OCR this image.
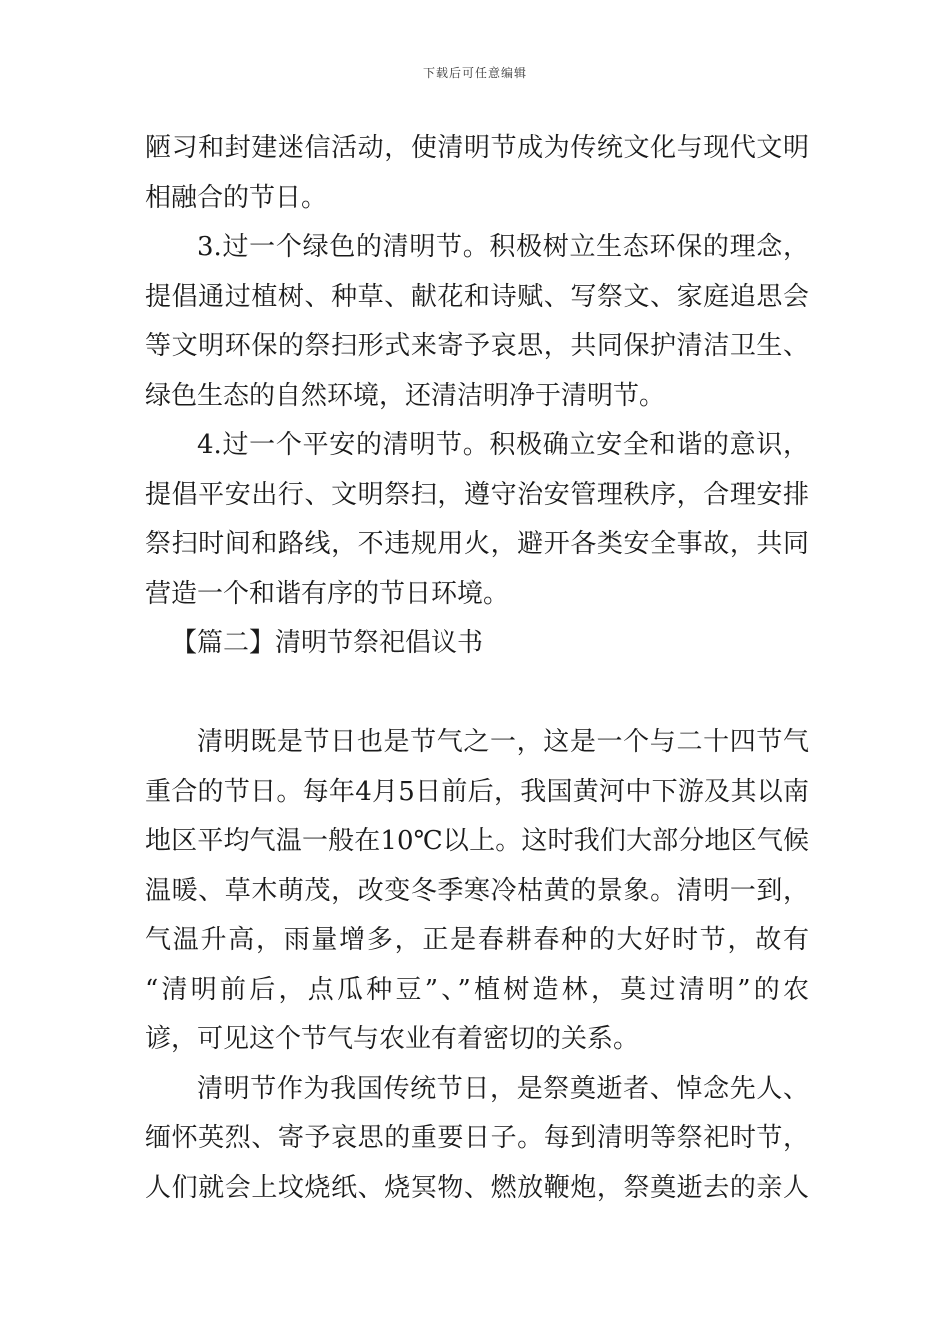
下载后可任意编辑
陋习和封建迷信活动，使清明节成为传统文化与现代文明
相融合的节日。
3.过一个绿色的清明节。积极树立生态环保的理念，
提倡通过植树、种草、献花和诗赋、写祭文、家庭追思会
等文明环保的祭扫形式来寄予哀思，共同保护清洁卫生、
绿色生态的自然环境，还清洁明净于清明节。
4.过一个平安的清明节。积极确立安全和谐的意识，
提倡平安出行、文明祭扫，遵守治安管理秩序，合理安排
祭扫时间和路线，不违规用火，避开各类安全事故，共同
营造一个和谐有序的节日环境。
【篇二】清明节祭祀倡议书
清明既是节日也是节气之一，这是一个与二十四节气
重合的节日。每年4月5日前后，我国黄河中下游及其以南
地区平均气温一般在10℃以上。这时我们大部分地区气候
温暖、草木萌茂，改变冬季寒冷枯黄的景象。清明一到，
气温升高，雨量增多，正是春耕春种的大好时节，故有
“清明前后，点瓜种豆”、”植树造林，莫过清明”的农
谚，可见这个节气与农业有着密切的关系。
清明节作为我国传统节日，是祭奠逝者、悼念先人、
缅怀英烈、寄予哀思的重要日子。每到清明等祭祀时节，
人们就会上坟烧纸、烧冥物、燃放鞭炮，祭奠逝去的亲人
